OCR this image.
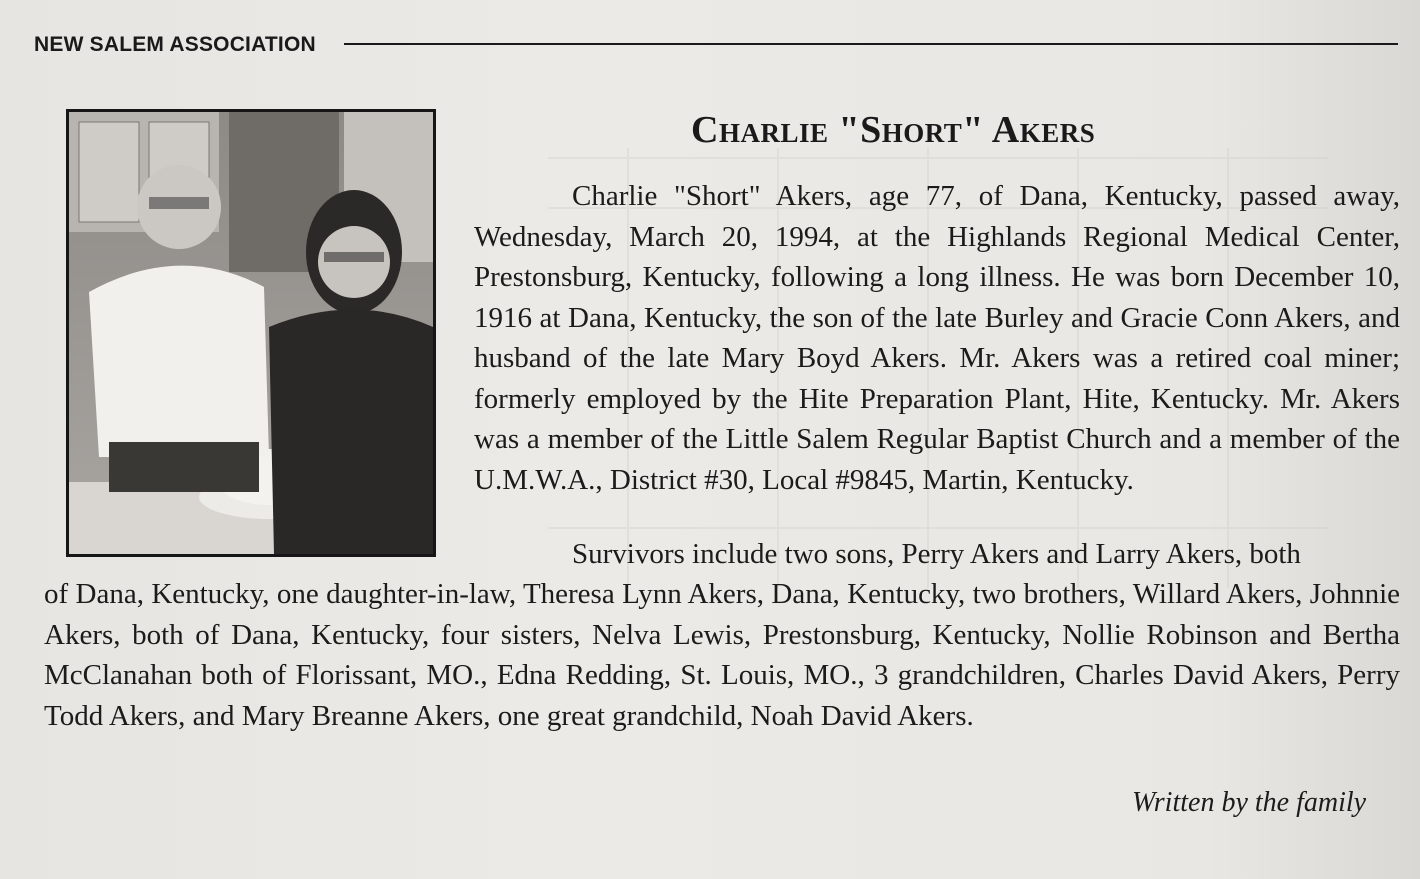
NEW SALEM ASSOCIATION
Charlie "Short" Akers

Charlie "Short" Akers, age 77, of Dana, Kentucky, passed away, Wednesday, March 20, 1994, at the Highlands Regional Medical Center, Prestonsburg, Kentucky, following a long illness. He was born December 10, 1916 at Dana, Kentucky, the son of the late Burley and Gracie Conn Akers, and husband of the late Mary Boyd Akers. Mr. Akers was a retired coal miner; formerly employed by the Hite Preparation Plant, Hite, Kentucky. Mr. Akers was a member of the Little Salem Regular Baptist Church and a member of the U.M.W.A., District #30, Local #9845, Martin, Kentucky.

Survivors include two sons, Perry Akers and Larry Akers, both

of Dana, Kentucky, one daughter-in-law, Theresa Lynn Akers, Dana, Kentucky, two brothers, Willard Akers, Johnnie Akers, both of Dana, Kentucky, four sisters, Nelva Lewis, Prestonsburg, Kentucky, Nollie Robinson and Bertha McClanahan both of Florissant, MO., Edna Redding, St. Louis, MO., 3 grandchildren, Charles David Akers, Perry Todd Akers, and Mary Breanne Akers, one great grandchild, Noah David Akers.

Written by the family
